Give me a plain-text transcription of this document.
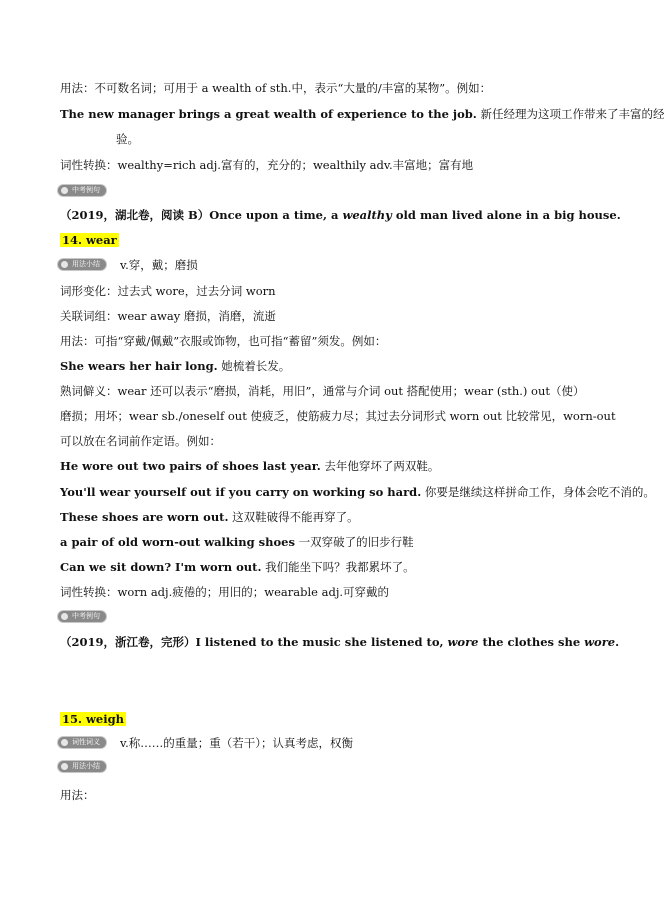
用法：不可数名词；可用于 a wealth of sth.中，表示“大量的/丰富的某物”。例如：
The new manager brings a great wealth of experience to the job. 新任经理为这项工作带来了丰富的经
验。
词性转换：wealthy=rich adj.富有的，充分的；wealthily adv.丰富地；富有地
中考例句
（2019，湖北卷，阅读 B）Once upon a time, a wealthy old man lived alone in a big house.
14. wear
用法小结	v.穿，戴；磨损
词形变化：过去式 wore，过去分词 worn
关联词组：wear away 磨损，消磨，流逝
用法：可指“穿戴/佩戴”衣服或饰物，也可指“蓄留”须发。例如：
She wears her hair long. 她梳着长发。
熟词僻义：wear 还可以表示“磨损，消耗，用旧”，通常与介词 out 搭配使用；wear (sth.) out（使）
磨损；用坏；wear sb./oneself out 使疲乏，使筋疲力尽；其过去分词形式 worn out 比较常见，worn-out
可以放在名词前作定语。例如：
He wore out two pairs of shoes last year. 去年他穿坏了两双鞋。
You'll wear yourself out if you carry on working so hard. 你要是继续这样拼命工作，身体会吃不消的。
These shoes are worn out. 这双鞋破得不能再穿了。
a pair of old worn-out walking shoes 一双穿破了的旧步行鞋
Can we sit down? I'm worn out. 我们能坐下吗？我都累坏了。
词性转换：worn adj.疲倦的；用旧的；wearable adj.可穿戴的
中考例句
（2019，浙江卷，完形）I listened to the music she listened to, wore the clothes she wore.
15. weigh
词性词义	v.称……的重量；重（若干）；认真考虑，权衡
用法小结
用法：
